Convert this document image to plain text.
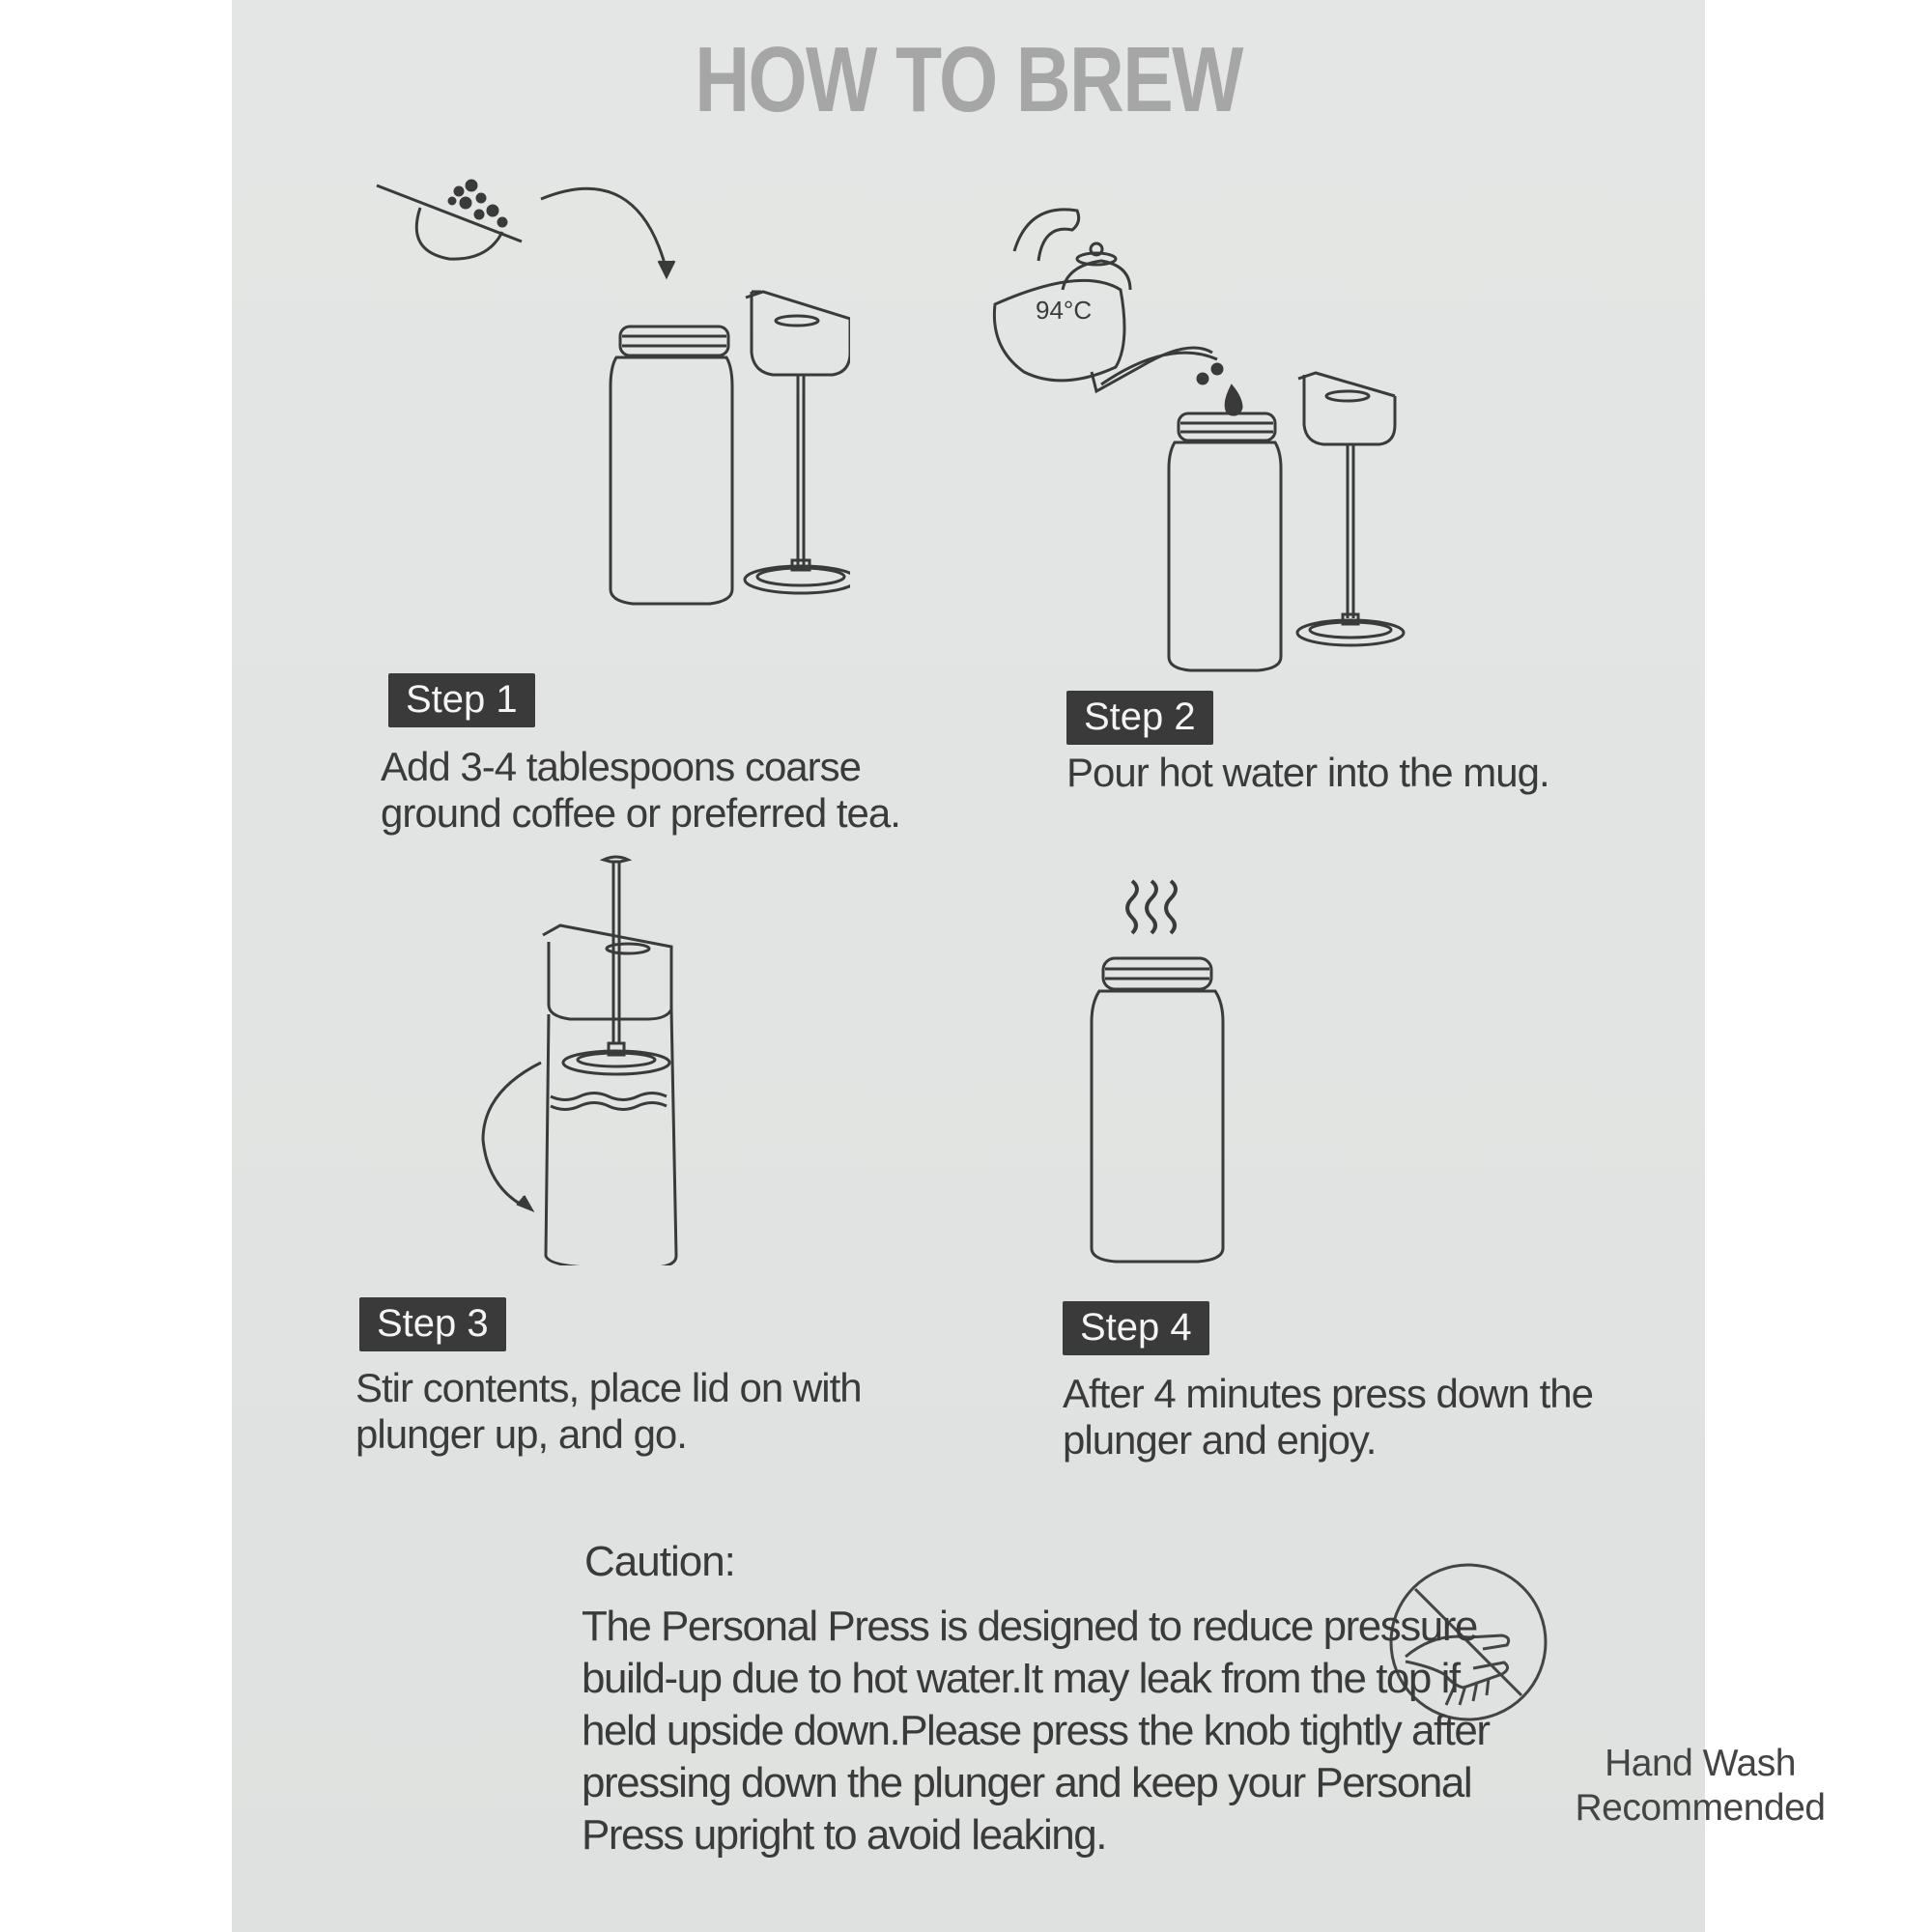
HOW TO BREW
94°C
Step 1
Add 3-4 tablespoons coarse
ground coffee or preferred tea.
Step 2
Pour hot water into the mug.
Step 3
Stir contents, place lid on with
plunger up, and go.
Step 4
After 4 minutes press down the
plunger and enjoy.
Caution:
The Personal Press is designed to reduce pressure build-up due to hot water.It may leak from the top if held upside down.Please press the knob tightly after pressing down the plunger and keep your Personal Press upright to avoid leaking.
Hand Wash
Recommended
